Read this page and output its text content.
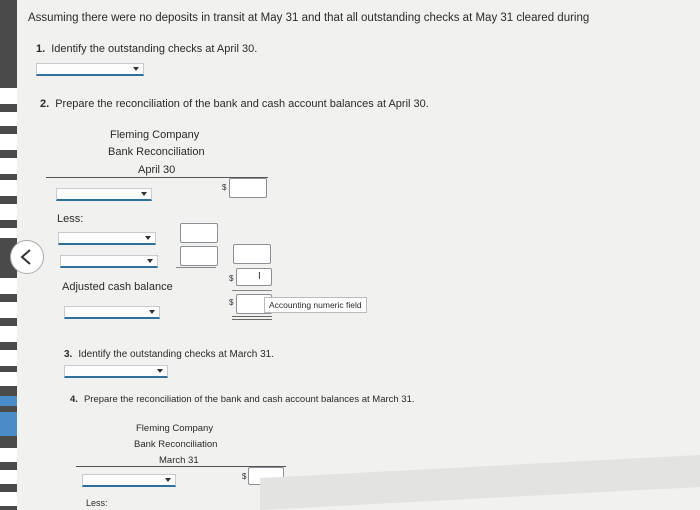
Assuming there were no deposits in transit at May 31 and that all outstanding checks at May 31 cleared during
1. Identify the outstanding checks at April 30.
2. Prepare the reconciliation of the bank and cash account balances at April 30.
Fleming Company
Bank Reconciliation
April 30
$
Less:
Adjusted cash balance
$ I
$	Accounting numeric field
3. Identify the outstanding checks at March 31.
4. Prepare the reconciliation of the bank and cash account balances at March 31.
Fleming Company
Bank Reconciliation
March 31
$
Less:
